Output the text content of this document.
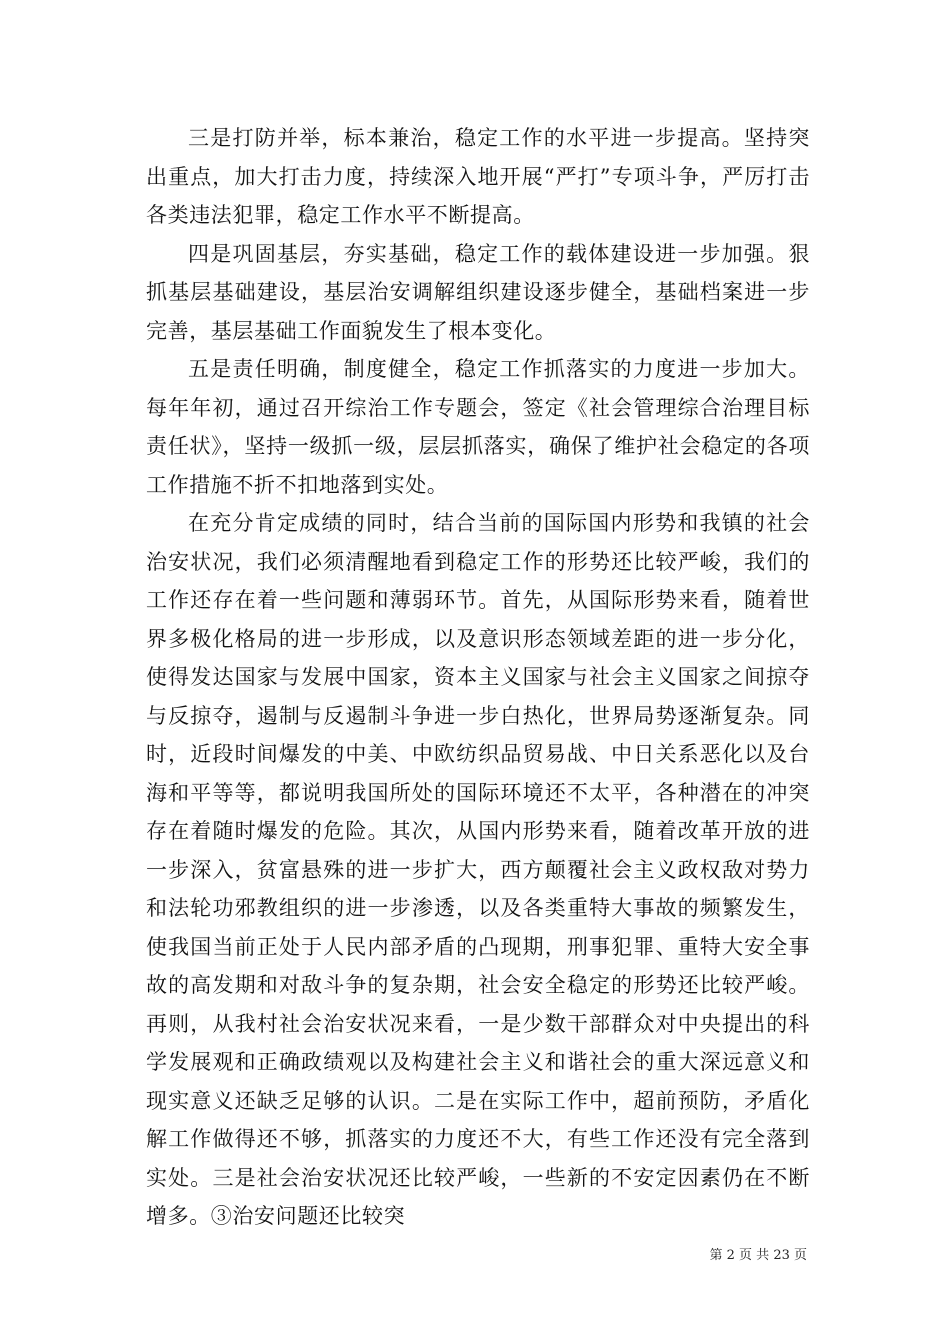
三是打防并举，标本兼治，稳定工作的水平进一步提高。坚持突出重点，加大打击力度，持续深入地开展“严打”专项斗争，严厉打击各类违法犯罪，稳定工作水平不断提高。

四是巩固基层，夯实基础，稳定工作的载体建设进一步加强。狠抓基层基础建设，基层治安调解组织建设逐步健全，基础档案进一步完善，基层基础工作面貌发生了根本变化。

五是责任明确，制度健全，稳定工作抓落实的力度进一步加大。每年年初，通过召开综治工作专题会，签定《社会管理综合治理目标责任状》，坚持一级抓一级，层层抓落实，确保了维护社会稳定的各项工作措施不折不扣地落到实处。

在充分肯定成绩的同时，结合当前的国际国内形势和我镇的社会治安状况，我们必须清醒地看到稳定工作的形势还比较严峻，我们的工作还存在着一些问题和薄弱环节。首先，从国际形势来看，随着世界多极化格局的进一步形成，以及意识形态领域差距的进一步分化，使得发达国家与发展中国家，资本主义国家与社会主义国家之间掠夺与反掠夺，遏制与反遏制斗争进一步白热化，世界局势逐渐复杂。同时，近段时间爆发的中美、中欧纺织品贸易战、中日关系恶化以及台海和平等等，都说明我国所处的国际环境还不太平，各种潜在的冲突存在着随时爆发的危险。其次，从国内形势来看，随着改革开放的进一步深入，贫富悬殊的进一步扩大，西方颠覆社会主义政权敌对势力和法轮功邪教组织的进一步渗透，以及各类重特大事故的频繁发生，使我国当前正处于人民内部矛盾的凸现期，刑事犯罪、重特大安全事故的高发期和对敌斗争的复杂期，社会安全稳定的形势还比较严峻。再则，从我村社会治安状况来看，一是少数干部群众对中央提出的科学发展观和正确政绩观以及构建社会主义和谐社会的重大深远意义和现实意义还缺乏足够的认识。二是在实际工作中，超前预防，矛盾化解工作做得还不够，抓落实的力度还不大，有些工作还没有完全落到实处。三是社会治安状况还比较严峻，一些新的不安定因素仍在不断增多。③治安问题还比较突

第 2 页 共 23 页
